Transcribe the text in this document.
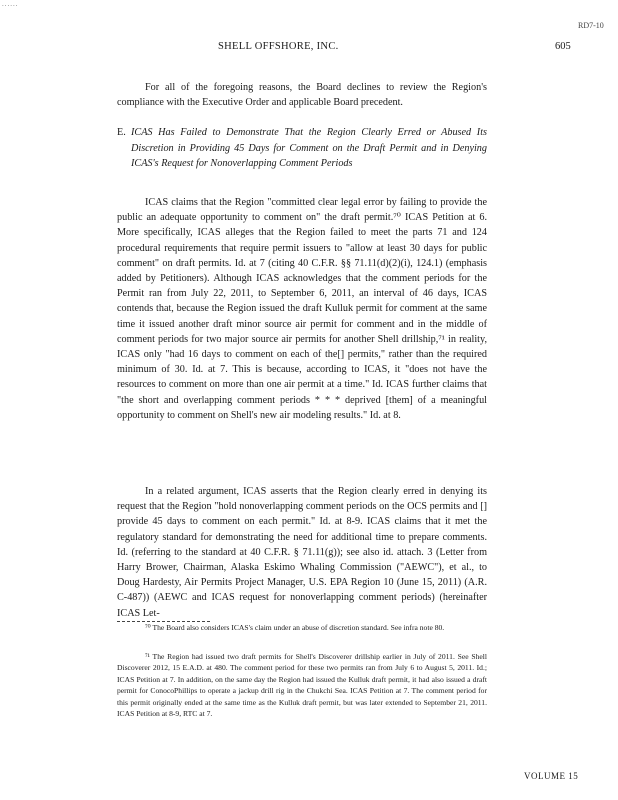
......
RD7-10
SHELL OFFSHORE, INC.	605

For all of the foregoing reasons, the Board declines to review the Region's compliance with the Executive Order and applicable Board precedent.

E. ICAS Has Failed to Demonstrate That the Region Clearly Erred or Abused Its Discretion in Providing 45 Days for Comment on the Draft Permit and in Denying ICAS's Request for Nonoverlapping Comment Periods

ICAS claims that the Region "committed clear legal error by failing to provide the public an adequate opportunity to comment on" the draft permit.⁷⁰ ICAS Petition at 6. More specifically, ICAS alleges that the Region failed to meet the parts 71 and 124 procedural requirements that require permit issuers to "allow at least 30 days for public comment" on draft permits. Id. at 7 (citing 40 C.F.R. §§ 71.11(d)(2)(i), 124.1) (emphasis added by Petitioners). Although ICAS acknowledges that the comment periods for the Permit ran from July 22, 2011, to September 6, 2011, an interval of 46 days, ICAS contends that, because the Region issued the draft Kulluk permit for comment at the same time it issued another draft minor source air permit for comment and in the middle of comment periods for two major source air permits for another Shell drillship,⁷¹ in reality, ICAS only "had 16 days to comment on each of the[] permits," rather than the required minimum of 30. Id. at 7. This is because, according to ICAS, it "does not have the resources to comment on more than one air permit at a time." Id. ICAS further claims that "the short and overlapping comment periods * * * deprived [them] of a meaningful opportunity to comment on Shell's new air modeling results." Id. at 8.

In a related argument, ICAS asserts that the Region clearly erred in denying its request that the Region "hold nonoverlapping comment periods on the OCS permits and [] provide 45 days to comment on each permit." Id. at 8-9. ICAS claims that it met the regulatory standard for demonstrating the need for additional time to prepare comments. Id. (referring to the standard at 40 C.F.R. § 71.11(g)); see also id. attach. 3 (Letter from Harry Brower, Chairman, Alaska Eskimo Whaling Commission ("AEWC"), et al., to Doug Hardesty, Air Permits Project Manager, U.S. EPA Region 10 (June 15, 2011) (A.R. C-487)) (AEWC and ICAS request for nonoverlapping comment periods) (hereinafter ICAS Let-

⁷⁰ The Board also considers ICAS's claim under an abuse of discretion standard. See infra note 80.

⁷¹ The Region had issued two draft permits for Shell's Discoverer drillship earlier in July of 2011. See Shell Discoverer 2012, 15 E.A.D. at 480. The comment period for these two permits ran from July 6 to August 5, 2011. Id.; ICAS Petition at 7. In addition, on the same day the Region had issued the Kulluk draft permit, it had also issued a draft permit for ConocoPhillips to operate a jackup drill rig in the Chukchi Sea. ICAS Petition at 7. The comment period for this permit originally ended at the same time as the Kulluk draft permit, but was later extended to September 21, 2011. ICAS Petition at 8-9, RTC at 7.

VOLUME 15
